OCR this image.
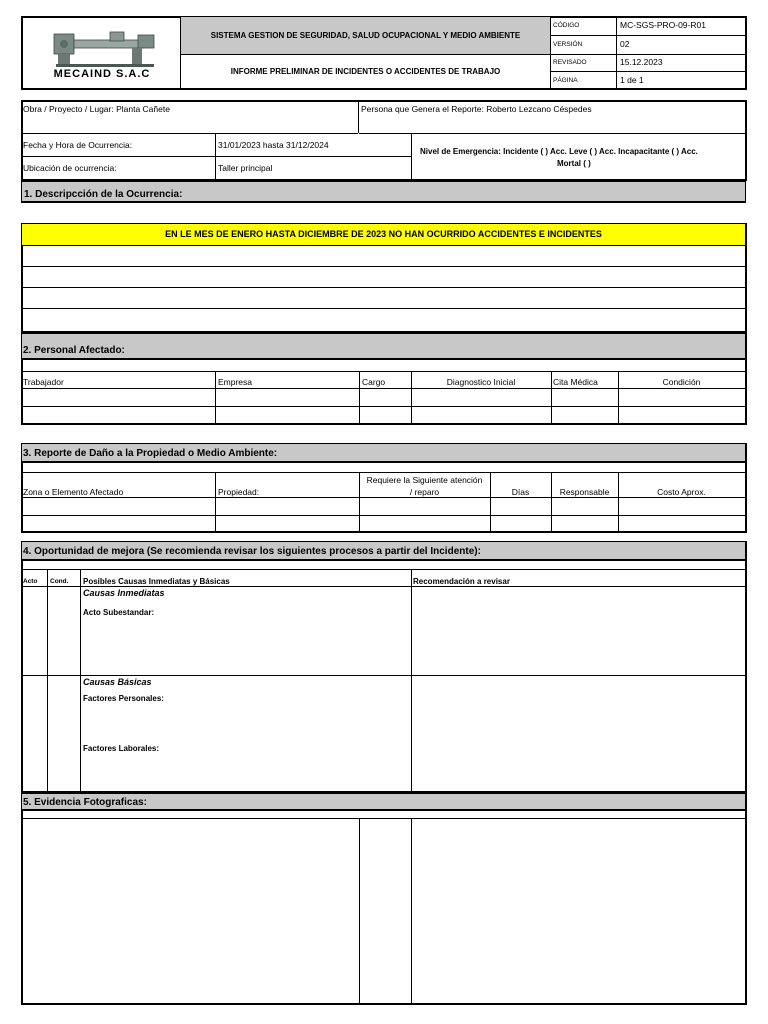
MECAIND S.A.C
SISTEMA GESTION DE SEGURIDAD, SALUD OCUPACIONAL Y MEDIO AMBIENTE
INFORME PRELIMINAR DE INCIDENTES O ACCIDENTES DE TRABAJO
CÓDIGO	MC-SGS-PRO-09-R01
VERSIÓN	02
REVISADO	15.12.2023
PÁGINA	1 de 1
Obra / Proyecto / Lugar: Planta Cañete	Persona que Genera el Reporte: Roberto Lezcano Céspedes
Fecha y Hora de Ocurrencia:	31/01/2023 hasta 31/12/2024
Ubicación de ocurrencia:	Taller principal
Nivel de Emergencia: Incidente ( ) Acc. Leve ( ) Acc. Incapacitante ( ) Acc.
Mortal ( )
1. Descripcción de la Ocurrencia:
EN LE MES DE ENERO HASTA DICIEMBRE DE 2023 NO HAN OCURRIDO ACCIDENTES E INCIDENTES
2. Personal Afectado:
Trabajador	Empresa	Cargo	Diagnostico Inicial	Cita Médica	Condición
3. Reporte de Daño a la Propiedad o Medio Ambiente:
Zona o Elemento Afectado	Propiedad:
Requiere la Siguiente atención
/ reparo	Días	Responsable	Costo Aprox.
4. Oportunidad de mejora (Se recomienda revisar los siguientes procesos a partir del Incidente):
Acto Cond. Posibles Causas Inmediatas y Básicas	Recomendación a revisar
Causas Inmediatas
Acto Subestandar:
Causas Básicas
Factores Personales:
Factores Laborales:
5. Evidencia Fotograficas:
